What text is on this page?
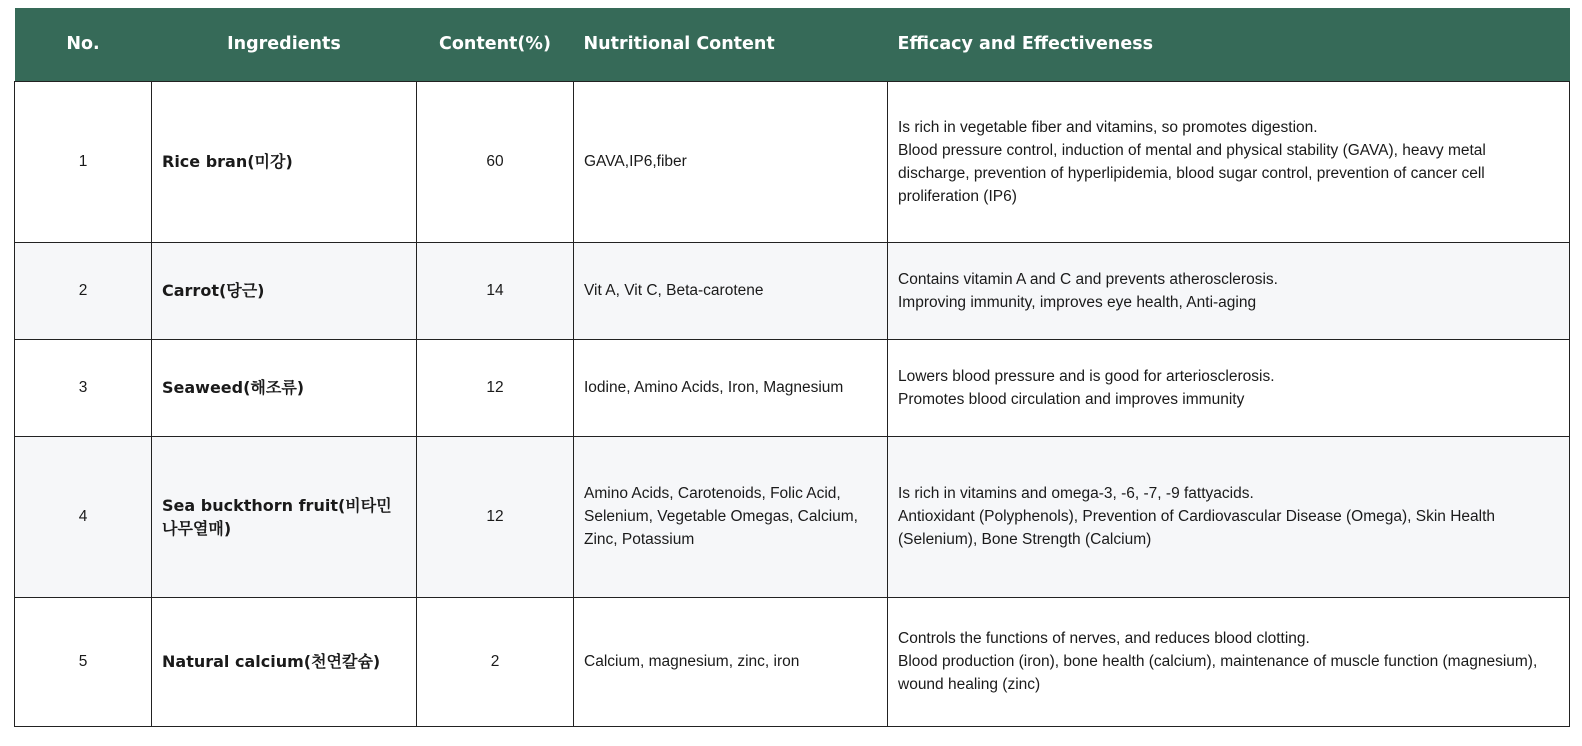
No.	Ingredients	Content(%)	Nutritional Content	Efficacy and Effectiveness
1	Rice bran(미강)	60	GAVA,IP6,fiber	Is rich in vegetable fiber and vitamins, so promotes digestion.
Blood pressure control, induction of mental and physical stability (GAVA), heavy metal discharge, prevention of hyperlipidemia, blood sugar control, prevention of cancer cell proliferation (IP6)

2	Carrot(당근)	14	Vit A, Vit C, Beta-carotene	Contains vitamin A and C and prevents atherosclerosis.
Improving immunity, improves eye health, Anti-aging

3	Seaweed(해조류)	12	Iodine, Amino Acids, Iron, Magnesium	Lowers blood pressure and is good for arteriosclerosis.
Promotes blood circulation and improves immunity

4	Sea buckthorn fruit(비타민나무열매)	12	Amino Acids, Carotenoids, Folic Acid, Selenium, Vegetable Omegas, Calcium, Zinc, Potassium	Is rich in vitamins and omega-3, -6, -7, -9 fattyacids.
Antioxidant (Polyphenols), Prevention of Cardiovascular Disease (Omega), Skin Health (Selenium), Bone Strength (Calcium)

5	Natural calcium(천연칼슘)	2	Calcium, magnesium, zinc, iron	Controls the functions of nerves, and reduces blood clotting.
Blood production (iron), bone health (calcium), maintenance of muscle function (magnesium), wound healing (zinc)
